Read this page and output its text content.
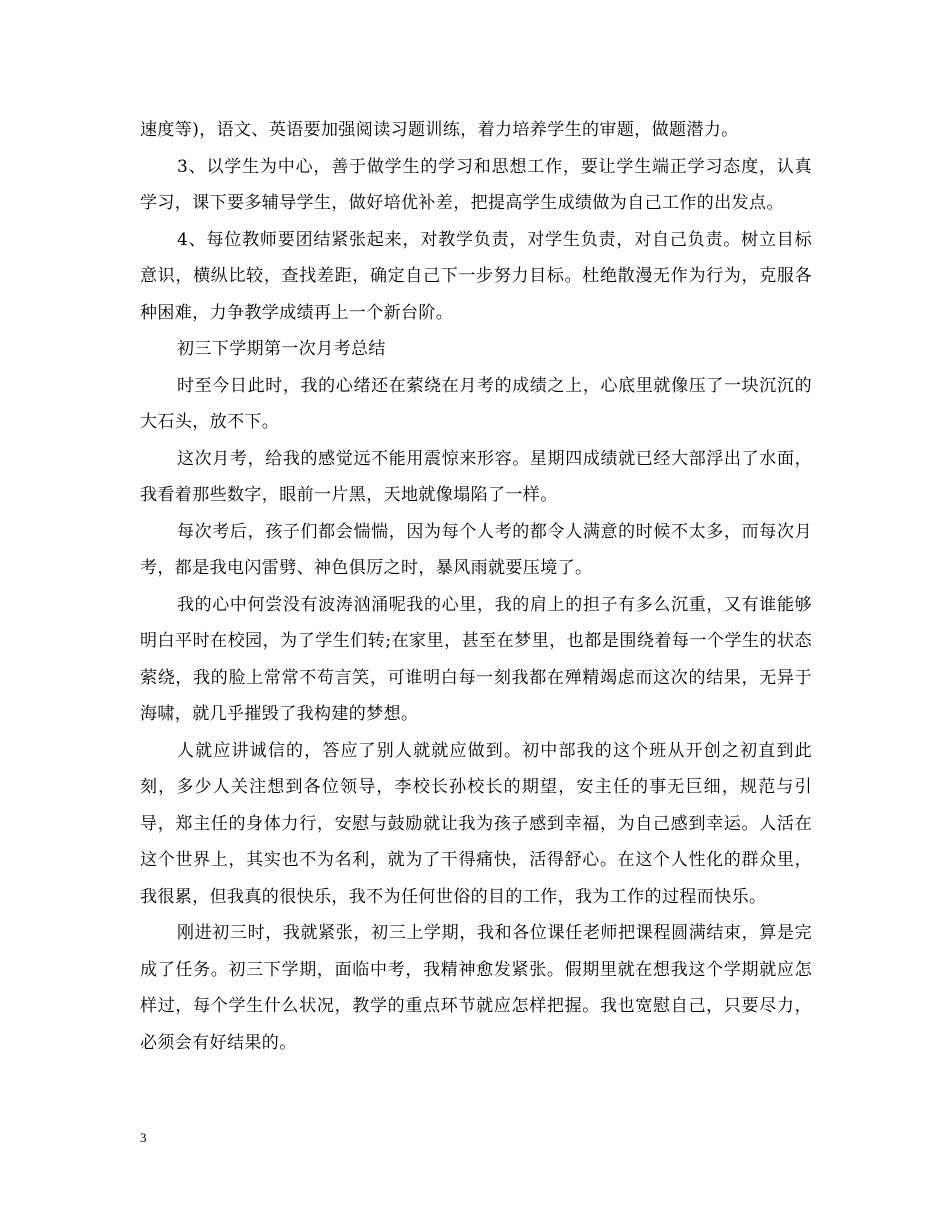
速度等)，语文、英语要加强阅读习题训练，着力培养学生的审题，做题潜力。

3、以学生为中心，善于做学生的学习和思想工作，要让学生端正学习态度，认真学习，课下要多辅导学生，做好培优补差，把提高学生成绩做为自己工作的出发点。

4、每位教师要团结紧张起来，对教学负责，对学生负责，对自己负责。树立目标意识，横纵比较，查找差距，确定自己下一步努力目标。杜绝散漫无作为行为，克服各种困难，力争教学成绩再上一个新台阶。

初三下学期第一次月考总结

时至今日此时，我的心绪还在萦绕在月考的成绩之上，心底里就像压了一块沉沉的大石头，放不下。

这次月考，给我的感觉远不能用震惊来形容。星期四成绩就已经大部浮出了水面，我看着那些数字，眼前一片黑，天地就像塌陷了一样。

每次考后，孩子们都会惴惴，因为每个人考的都令人满意的时候不太多，而每次月考，都是我电闪雷劈、神色俱厉之时，暴风雨就要压境了。

我的心中何尝没有波涛汹涌呢我的心里，我的肩上的担子有多么沉重，又有谁能够明白平时在校园，为了学生们转;在家里，甚至在梦里，也都是围绕着每一个学生的状态萦绕，我的脸上常常不苟言笑，可谁明白每一刻我都在殚精竭虑而这次的结果，无异于海啸，就几乎摧毁了我构建的梦想。

人就应讲诚信的，答应了别人就就应做到。初中部我的这个班从开创之初直到此刻，多少人关注想到各位领导，李校长孙校长的期望，安主任的事无巨细，规范与引导，郑主任的身体力行，安慰与鼓励就让我为孩子感到幸福，为自己感到幸运。人活在这个世界上，其实也不为名利，就为了干得痛快，活得舒心。在这个人性化的群众里，我很累，但我真的很快乐，我不为任何世俗的目的工作，我为工作的过程而快乐。

刚进初三时，我就紧张，初三上学期，我和各位课任老师把课程圆满结束，算是完成了任务。初三下学期，面临中考，我精神愈发紧张。假期里就在想我这个学期就应怎样过，每个学生什么状况，教学的重点环节就应怎样把握。我也宽慰自己，只要尽力，必须会有好结果的。

3
